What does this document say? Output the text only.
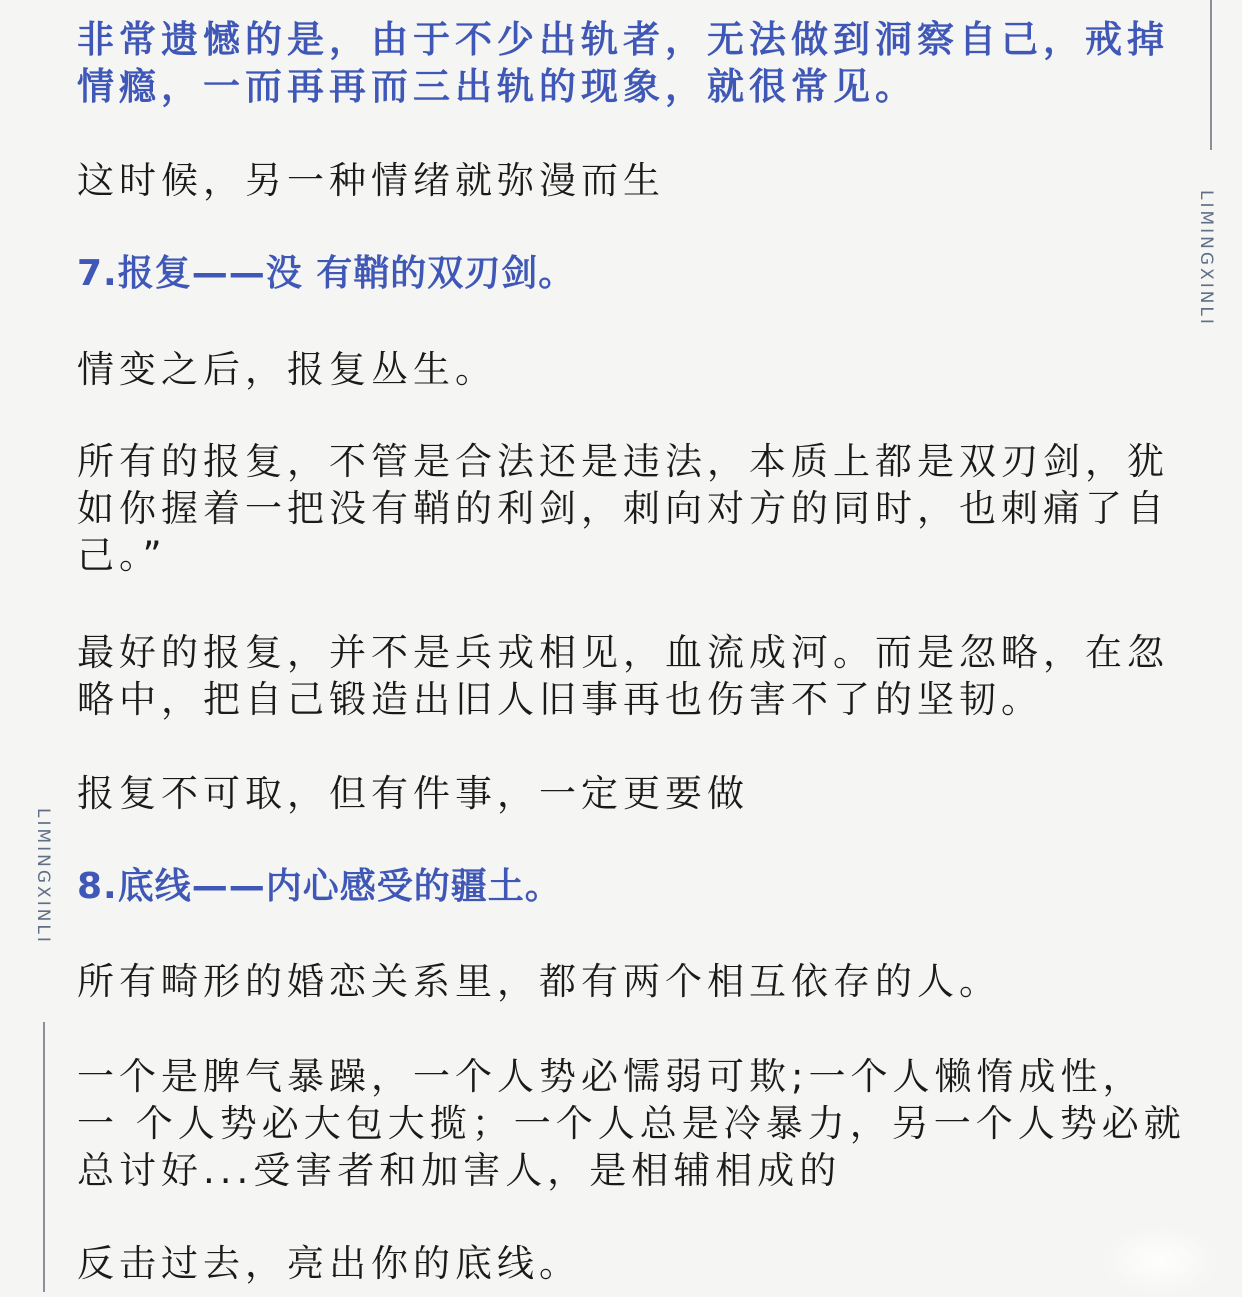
LIMINGXINLI
LIMINGXINLI
非常遗憾的是，由于不少出轨者，无法做到洞察自己，戒掉
情瘾，一而再再而三出轨的现象，就很常见。
这时候，另一种情绪就弥漫而生
7.报复——没 有鞘的双刃剑。
情变之后，报复丛生。
所有的报复，不管是合法还是违法，本质上都是双刃剑，犹
如你握着一把没有鞘的利剑，刺向对方的同时，也刺痛了自
己。”
最好的报复，并不是兵戎相见，血流成河。而是忽略，在忽
略中，把自己锻造出旧人旧事再也伤害不了的坚韧。
报复不可取，但有件事，一定更要做
8.底线——内心感受的疆土。
所有畸形的婚恋关系里，都有两个相互依存的人。
一个是脾气暴躁，一个人势必懦弱可欺;一个人懒惰成性，
一 个人势必大包大揽；一个人总是冷暴力，另一个人势必就
总讨好...受害者和加害人，是相辅相成的
反击过去，亮出你的底线。
